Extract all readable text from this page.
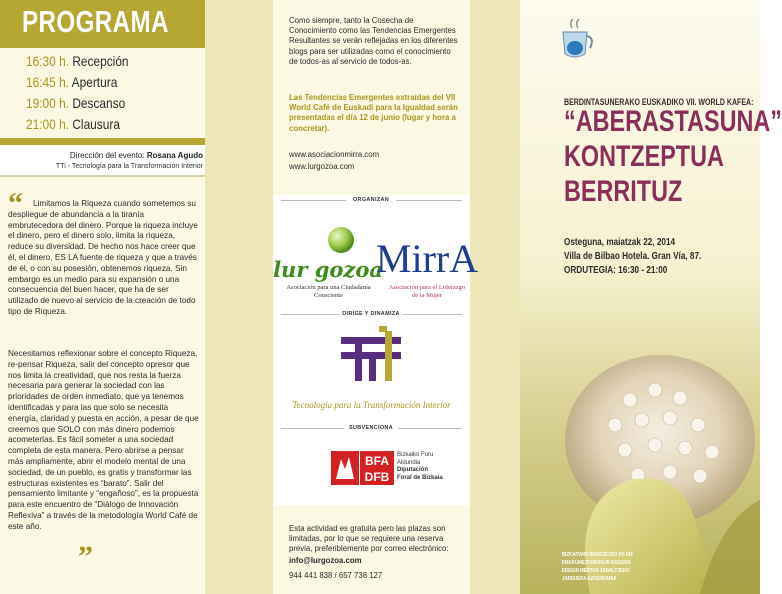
PROGRAMA
16:30 h. Recepción
16:45 h. Apertura
19:00 h. Descanso
21:00 h. Clausura
Dirección del evento: Rosana Agudo
TTi - Tecnología para la Transformación Interior
“	Limitamos la Riqueza cuando sometemos su despliegue de abundancia a la tiranía embrutecedora del dinero. Porque la riqueza incluye el dinero, pero el dinero solo, limita la riqueza, reduce su diversidad. De hecho nos hace creer que él, el dinero, ES LA fuente de riqueza y que a través de él, o con su posesión, obtenemos riqueza. Sin embargo es un medio para su expansión o una consecuencia del buen hacer, que ha de ser utilizado de nuevo al servicio de la creación de todo tipo de Riqueza.
Necesitamos reflexionar sobre el concepto Riqueza, re-pensar Riqueza, salir del concepto opresor que nos limita la creatividad, que nos resta la fuerza necesaria para generar la sociedad con las prioridades de orden inmediato, que ya tenemos identificadas y para las que solo se necesita energía, claridad y puesta en acción, a pesar de que creemos que SOLO con más dinero podemos acometerlas. Es fácil someter a una sociedad completa de esta manera. Pero abrirse a pensar más ampliamente, abrir el modelo mental de una sociedad, de un pueblo, es gratis y transformar las estructuras existentes es “barato”. Salir del pensamiento limitante y “engañoso”, es la propuesta para este encuentro de “Diálogo de Innovación Reflexiva” a través de la metodología World Café de este año.
”
Como siempre, tanto la Cosecha de Conocimiento como las Tendencias Emergentes Resultantes se verán reflejadas en los diferentes blogs para ser utilizadas como el conocimiento de todos-as al servicio de todos-as.
Las Tendencias Emergentes extraídas del VII World Café de Euskadi para la Igualdad serán presentadas el día 12 de junio (lugar y hora a concretar).
www.asociacionmirra.com
www.lurgozoa.com
ORGANIZAN
lur gozoa
Asociación para una Ciudadanía Consciente
MirrA
Asociación para el Liderazgo de la Mujer
DIRIGE Y DINAMIZA
Tecnología para la Transformación Interior
SUBVENCIONA
BFA
DFB
Bizkaiko Foru
Aldundia
Diputación
Foral de Bizkaia
Esta actividad es gratuita pero las plazas son limitadas, por lo que se requiere una reserva previa, preferiblemente por correo electrónico:
info@lurgozoa.com
944 441 838 / 657 738 127
BERDINTASUNERAKO EUSKADIKO VII. WORLD KAFEA:
“ABERASTASUNA”
KONTZEPTUA
BERRITUZ
Osteguna, maiatzak 22, 2014
Villa de Bilbao Hotela. Gran Vía, 87.
ORDUTEGIA: 16:30 - 21:00
BIZKAITARR BIZIKIZEZKO [HI HIZ
EMAKUMEZKOENGUR DAGOEN
EDEGIN MENTUA ZABALTZEKO
JARDUERA AZKENDARIA
